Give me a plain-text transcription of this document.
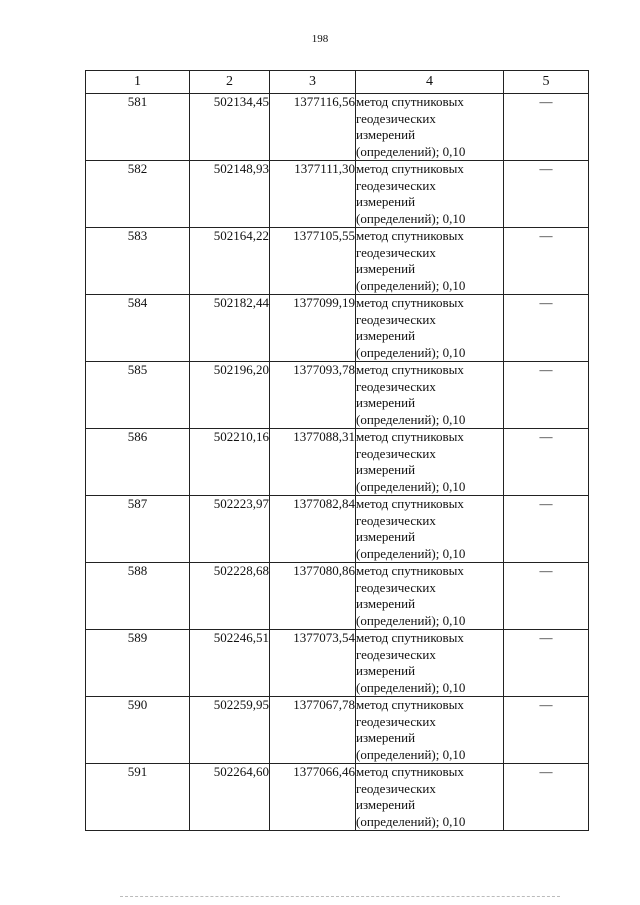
198
1	2	3	4	5
581	502134,45	1377116,56	метод спутниковых
геодезических
измерений
(определений); 0,10	—
582	502148,93	1377111,30	метод спутниковых
геодезических
измерений
(определений); 0,10	—
583	502164,22	1377105,55	метод спутниковых
геодезических
измерений
(определений); 0,10	—
584	502182,44	1377099,19	метод спутниковых
геодезических
измерений
(определений); 0,10	—
585	502196,20	1377093,78	метод спутниковых
геодезических
измерений
(определений); 0,10	—
586	502210,16	1377088,31	метод спутниковых
геодезических
измерений
(определений); 0,10	—
587	502223,97	1377082,84	метод спутниковых
геодезических
измерений
(определений); 0,10	—
588	502228,68	1377080,86	метод спутниковых
геодезических
измерений
(определений); 0,10	—
589	502246,51	1377073,54	метод спутниковых
геодезических
измерений
(определений); 0,10	—
590	502259,95	1377067,78	метод спутниковых
геодезических
измерений
(определений); 0,10	—
591	502264,60	1377066,46	метод спутниковых
геодезических
измерений
(определений); 0,10	—
